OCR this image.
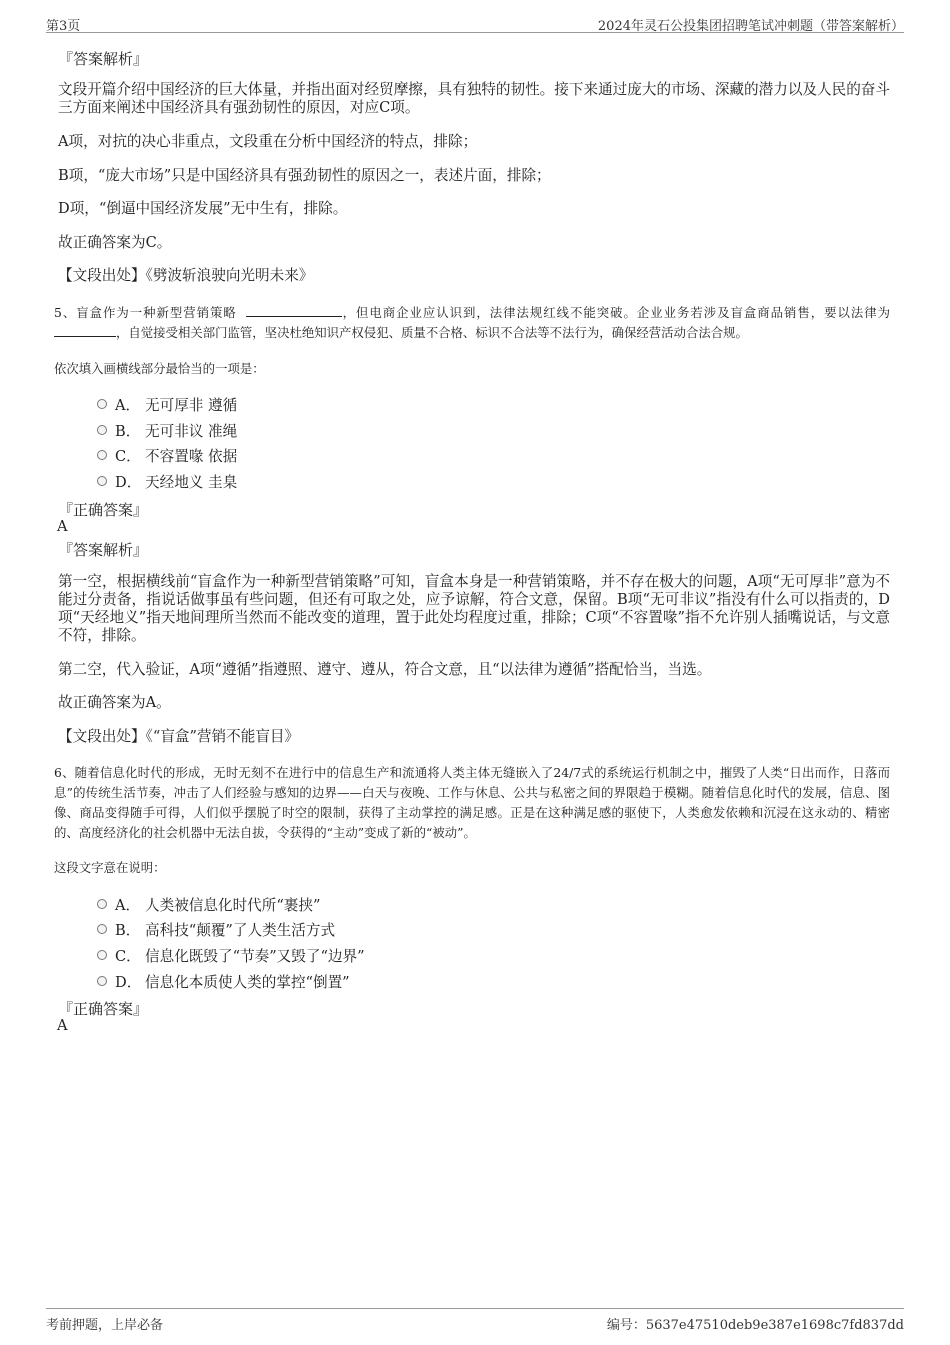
第3页	2024年灵石公投集团招聘笔试冲刺题（带答案解析）
『答案解析』
文段开篇介绍中国经济的巨大体量，并指出面对经贸摩擦，具有独特的韧性。接下来通过庞大的市场、深藏的潜力以及人民的奋斗三方面来阐述中国经济具有强劲韧性的原因，对应C项。
A项，对抗的决心非重点，文段重在分析中国经济的特点，排除；
B项，“庞大市场”只是中国经济具有强劲韧性的原因之一，表述片面，排除；
D项，“倒逼中国经济发展”无中生有，排除。
故正确答案为C。
【文段出处】《劈波斩浪驶向光明未来》
5、盲盒作为一种新型营销策略	，但电商企业应认识到，法律法规红线不能突破。企业业务若涉及盲盒商品销售，要以法律为 ，自觉接受相关部门监管，坚决杜绝知识产权侵犯、质量不合格、标识不合法等不法行为，确保经营活动合法合规。
依次填入画横线部分最恰当的一项是：
A． 无可厚非 遵循
B． 无可非议 准绳
C． 不容置喙 依据
D． 天经地义 圭臬
『正确答案』
A
『答案解析』
第一空，根据横线前“盲盒作为一种新型营销策略”可知，盲盒本身是一种营销策略，并不存在极大的问题，A项“无可厚非”意为不能过分责备，指说话做事虽有些问题，但还有可取之处，应予谅解，符合文意，保留。B项“无可非议”指没有什么可以指责的，D项“天经地义”指天地间理所当然而不能改变的道理，置于此处均程度过重，排除；C项“不容置喙”指不允许别人插嘴说话，与文意不符，排除。
第二空，代入验证，A项“遵循”指遵照、遵守、遵从，符合文意，且“以法律为遵循”搭配恰当，当选。
故正确答案为A。
【文段出处】《“盲盒”营销不能盲目》
6、随着信息化时代的形成，无时无刻不在进行中的信息生产和流通将人类主体无缝嵌入了24/7式的系统运行机制之中，摧毁了人类“日出而作，日落而息”的传统生活节奏，冲击了人们经验与感知的边界——白天与夜晚、工作与休息、公共与私密之间的界限趋于模糊。随着信息化时代的发展，信息、图像、商品变得随手可得，人们似乎摆脱了时空的限制，获得了主动掌控的满足感。正是在这种满足感的驱使下，人类愈发依赖和沉浸在这永动的、精密的、高度经济化的社会机器中无法自拔，令获得的“主动”变成了新的“被动”。
这段文字意在说明：
A． 人类被信息化时代所“裹挟”
B． 高科技“颠覆”了人类生活方式
C． 信息化既毁了“节奏”又毁了“边界”
D． 信息化本质使人类的掌控“倒置”
『正确答案』
A
考前押题，上岸必备	编号：5637e47510deb9e387e1698c7fd837dd
